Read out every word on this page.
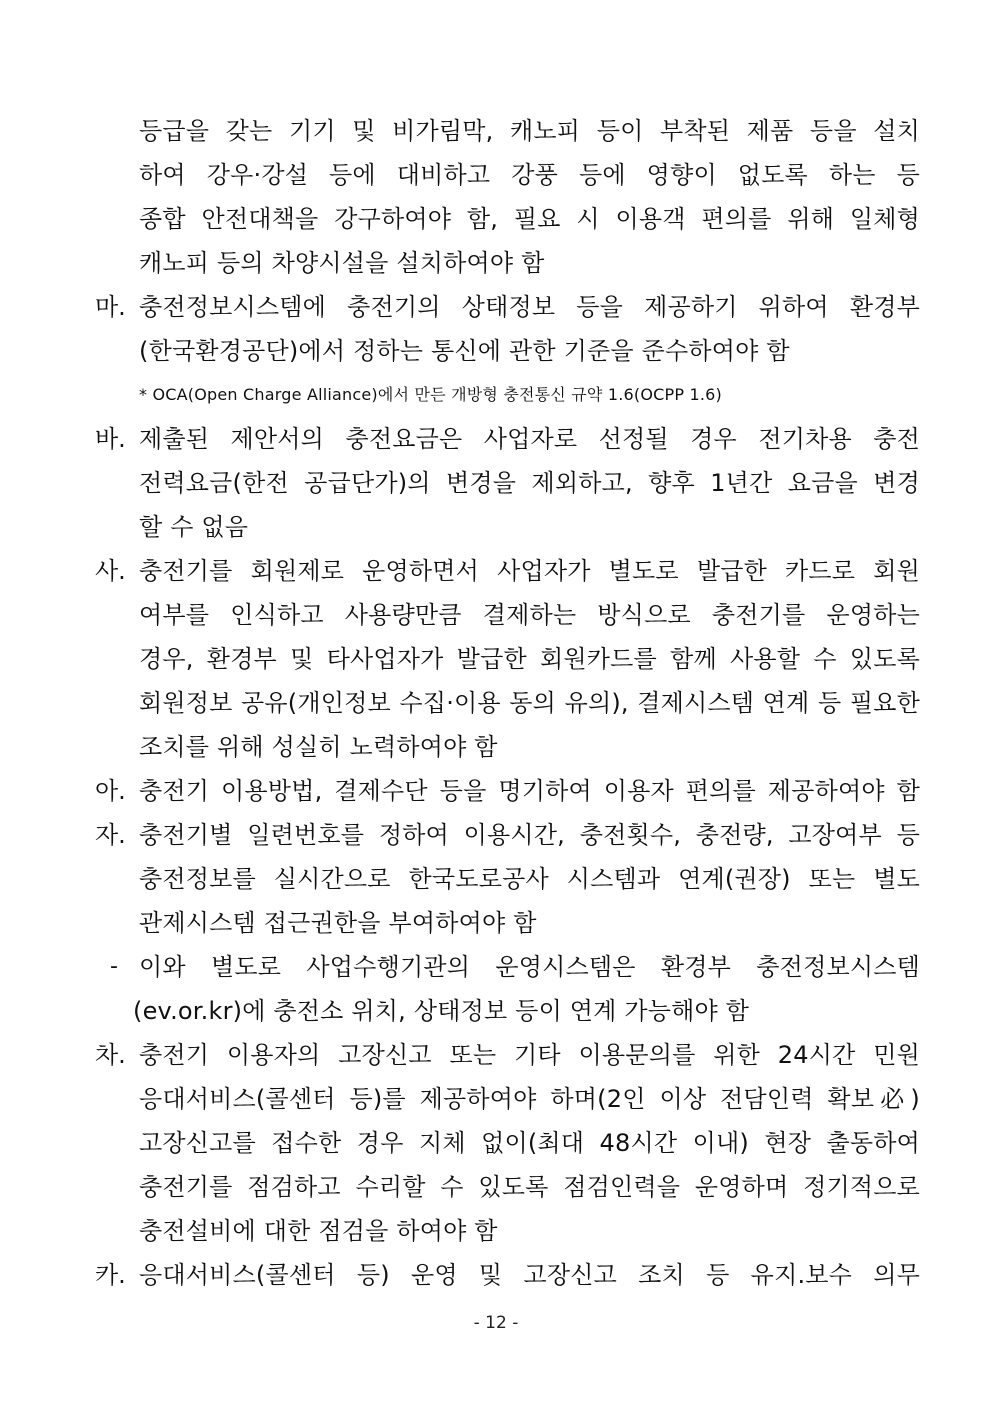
등급을 갖는 기기 및 비가림막, 캐노피 등이 부착된 제품 등을 설치
하여 강우·강설 등에 대비하고 강풍 등에 영향이 없도록 하는 등
종합 안전대책을 강구하여야 함, 필요 시 이용객 편의를 위해 일체형
캐노피 등의 차양시설을 설치하여야 함
마. 충전정보시스템에 충전기의 상태정보 등을 제공하기 위하여 환경부
(한국환경공단)에서 정하는 통신에 관한 기준을 준수하여야 함
* OCA(Open Charge Alliance)에서 만든 개방형 충전통신 규약 1.6(OCPP 1.6)
바. 제출된 제안서의 충전요금은 사업자로 선정될 경우 전기차용 충전
전력요금(한전 공급단가)의 변경을 제외하고, 향후 1년간 요금을 변경
할 수 없음
사. 충전기를 회원제로 운영하면서 사업자가 별도로 발급한 카드로 회원
여부를 인식하고 사용량만큼 결제하는 방식으로 충전기를 운영하는
경우, 환경부 및 타사업자가 발급한 회원카드를 함께 사용할 수 있도록
회원정보 공유(개인정보 수집·이용 동의 유의), 결제시스템 연계 등 필요한
조치를 위해 성실히 노력하여야 함
아. 충전기 이용방법, 결제수단 등을 명기하여 이용자 편의를 제공하여야 함
자. 충전기별 일련번호를 정하여 이용시간, 충전횟수, 충전량, 고장여부 등
충전정보를 실시간으로 한국도로공사 시스템과 연계(권장) 또는 별도
관제시스템 접근권한을 부여하여야 함
- 이와 별도로 사업수행기관의 운영시스템은 환경부 충전정보시스템
(ev.or.kr)에 충전소 위치, 상태정보 등이 연계 가능해야 함
차. 충전기 이용자의 고장신고 또는 기타 이용문의를 위한 24시간 민원
응대서비스(콜센터 등)를 제공하여야 하며(2인 이상 전담인력 확보必)
고장신고를 접수한 경우 지체 없이(최대 48시간 이내) 현장 출동하여
충전기를 점검하고 수리할 수 있도록 점검인력을 운영하며 정기적으로
충전설비에 대한 점검을 하여야 함
카. 응대서비스(콜센터 등) 운영 및 고장신고 조치 등 유지.보수 의무
- 12 -
